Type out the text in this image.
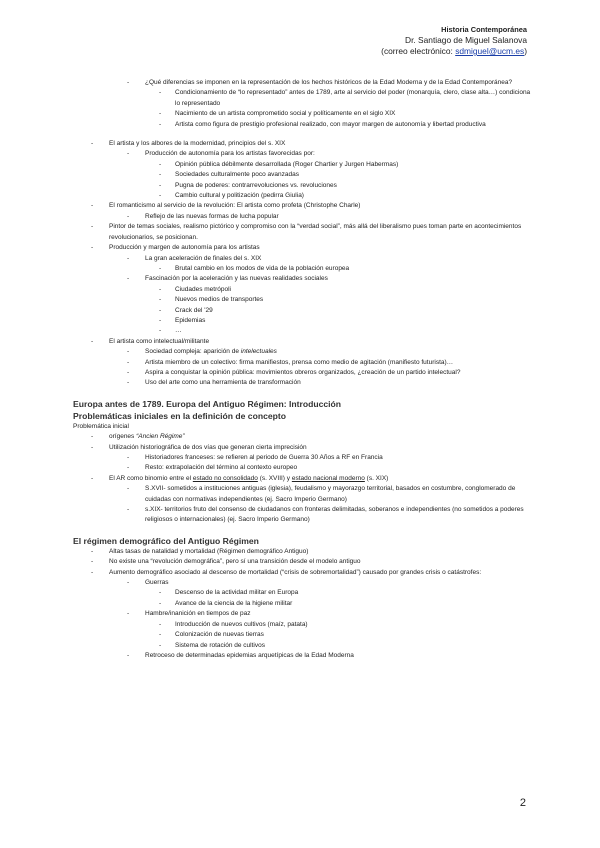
Historia Contemporánea
Dr. Santiago de Miguel Salanova
(correo electrónico: sdmiguel@ucm.es)
-	¿Qué diferencias se imponen en la representación de los hechos históricos de la Edad Moderna y de la Edad Contemporánea?
-	Condicionamiento de “lo representado” antes de 1789, arte al servicio del poder (monarquía, clero, clase alta…) condiciona lo representado
-	Nacimiento de un artista comprometido social y políticamente en el siglo XIX
-	Artista como figura de prestigio profesional realizado, con mayor margen de autonomía y libertad productiva
-	El artista y los albores de la modernidad, principios del s. XIX
-	Producción de autonomía para los artistas favorecidas por:
-	Opinión pública débilmente desarrollada (Roger Chartier y Jurgen Habermas)
-	Sociedades culturalmente poco avanzadas
-	Pugna de poderes: contrarrevoluciones vs. revoluciones
-	Cambio cultural y politización (pedirra Giulia)
-	El romanticismo al servicio de la revolución: El artista como profeta (Christophe Charle)
-	Reflejo de las nuevas formas de lucha popular
-	Pintor de temas sociales, realismo pictórico y compromiso con la “verdad social”, más allá del liberalismo pues toman parte en acontecimientos revolucionarios, se posicionan.
-	Producción y margen de autonomía para los artistas
-	La gran aceleración de finales del s. XIX
-	Brutal cambio en los modos de vida de la población europea
-	Fascinación por la aceleración y las nuevas realidades sociales
-	Ciudades metrópoli
-	Nuevos medios de transportes
-	Crack del '29
-	Epidemias
-	…
-	El artista como intelectual/militante
-	Sociedad compleja: aparición de intelectuales
-	Artista miembro de un colectivo: firma manifiestos, prensa como medio de agitación (manifiesto futurista)…
-	Aspira a conquistar la opinión pública: movimientos obreros organizados, ¿creación de un partido intelectual?
-	Uso del arte como una herramienta de transformación
Europa antes de 1789. Europa del Antiguo Régimen: Introducción
Problemáticas iniciales en la definición de concepto
Problemática inicial
-	orígenes “Ancien Régime”
-	Utilización historiográfica de dos vías que generan cierta imprecisión
-	Historiadores franceses: se refieren al periodo de Guerra 30 Años a RF en Francia
-	Resto: extrapolación del término al contexto europeo
-	El AR como binomio entre el estado no consolidado (s. XVIII) y estado nacional moderno (s. XIX)
-	S.XVII- sometidos a instituciones antiguas (iglesia), feudalismo y mayorazgo territorial, basados en costumbre, conglomerado de cuidadas con normativas independientes (ej. Sacro Imperio Germano)
-	s.XIX- territorios fruto del consenso de ciudadanos con fronteras delimitadas, soberanos e independientes (no sometidos a poderes religiosos o internacionales) (ej. Sacro Imperio Germano)
El régimen demográfico del Antiguo Régimen
-	Altas tasas de natalidad y mortalidad (Régimen demográfico Antiguo)
-	No existe una “revolución demográfica”, pero sí una transición desde el modelo antiguo
-	Aumento demográfico asociado al descenso de mortalidad (“crisis de sobremortalidad”) causado por grandes crisis o catástrofes:
-	Guerras
-	Descenso de la actividad militar en Europa
-	Avance de la ciencia de la higiene militar
-	Hambre/inanición en tiempos de paz
-	Introducción de nuevos cultivos (maíz, patata)
-	Colonización de nuevas tierras
-	Sistema de rotación de cultivos
-	Retroceso de determinadas epidemias arquetípicas de la Edad Moderna
2
